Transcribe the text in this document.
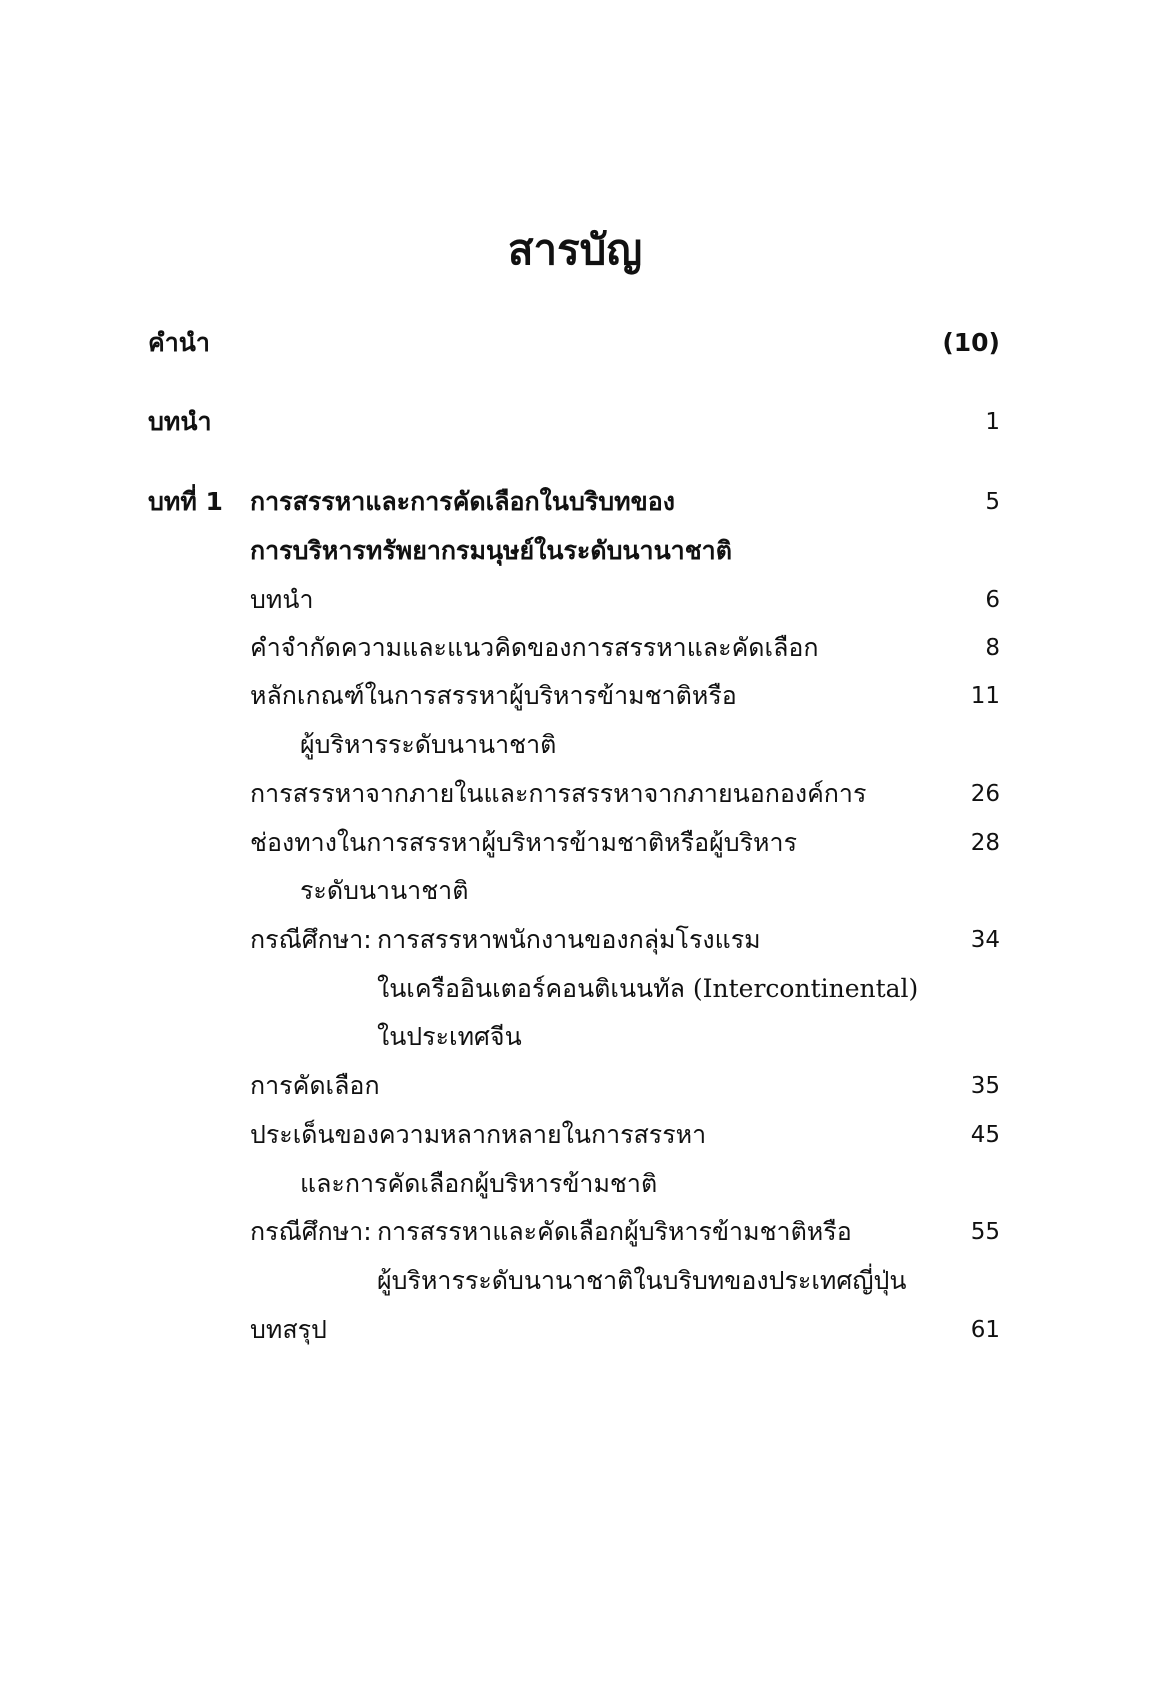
สารบัญ
คำนำ	(10)
บทนำ	1
บทที่ 1 การสรรหาและการคัดเลือกในบริบทของ	5
การบริหารทรัพยากรมนุษย์ในระดับนานาชาติ
บทนำ	6
คำจำกัดความและแนวคิดของการสรรหาและคัดเลือก	8
หลักเกณฑ์ในการสรรหาผู้บริหารข้ามชาติหรือ	11
ผู้บริหารระดับนานาชาติ
การสรรหาจากภายในและการสรรหาจากภายนอกองค์การ	26
ช่องทางในการสรรหาผู้บริหารข้ามชาติหรือผู้บริหาร	28
ระดับนานาชาติ
กรณีศึกษา: การสรรหาพนักงานของกลุ่มโรงแรม	34
ในเครืออินเตอร์คอนติเนนทัล (Intercontinental)
ในประเทศจีน
การคัดเลือก	35
ประเด็นของความหลากหลายในการสรรหา	45
และการคัดเลือกผู้บริหารข้ามชาติ
กรณีศึกษา: การสรรหาและคัดเลือกผู้บริหารข้ามชาติหรือ	55
ผู้บริหารระดับนานาชาติในบริบทของประเทศญี่ปุ่น
บทสรุป	61
